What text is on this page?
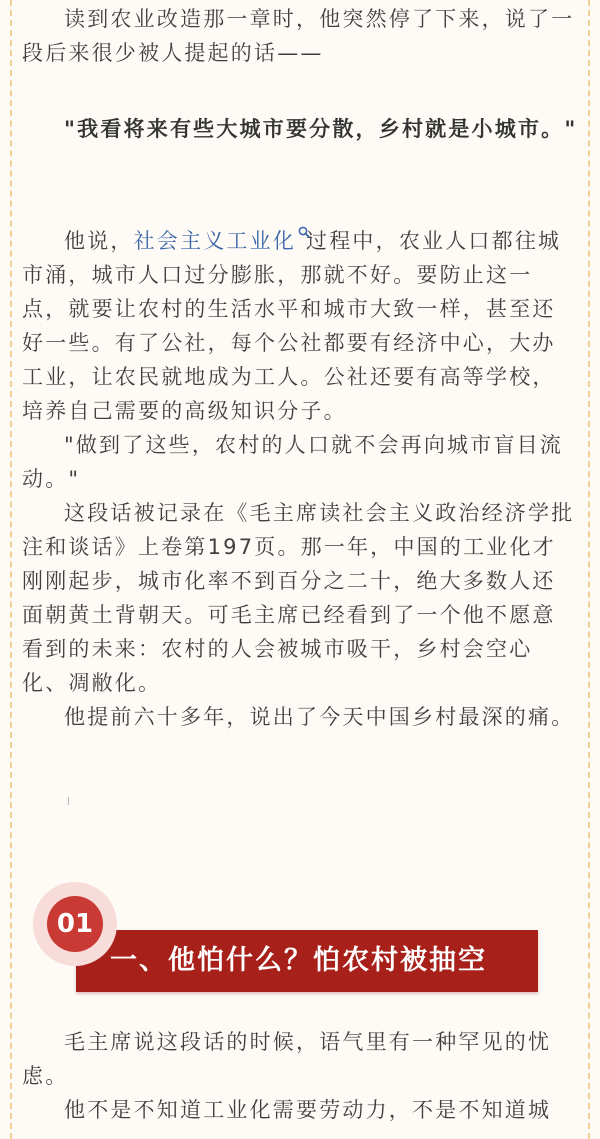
读到农业改造那一章时，他突然停了下来，说了一段后来很少被人提起的话——

"我看将来有些大城市要分散，乡村就是小城市。"

他说，社会主义工业化 过程中，农业人口都往城市涌，城市人口过分膨胀，那就不好。要防止这一点，就要让农村的生活水平和城市大致一样，甚至还好一些。有了公社，每个公社都要有经济中心，大办工业，让农民就地成为工人。公社还要有高等学校，培养自己需要的高级知识分子。

"做到了这些，农村的人口就不会再向城市盲目流动。"

这段话被记录在《毛主席读社会主义政治经济学批注和谈话》上卷第197页。那一年，中国的工业化才刚刚起步，城市化率不到百分之二十，绝大多数人还面朝黄土背朝天。可毛主席已经看到了一个他不愿意看到的未来：农村的人会被城市吸干，乡村会空心化、凋敝化。

他提前六十多年，说出了今天中国乡村最深的痛。

一、他怕什么？怕农村被抽空
01

毛主席说这段话的时候，语气里有一种罕见的忧虑。

他不是不知道工业化需要劳动力，不是不知道城
